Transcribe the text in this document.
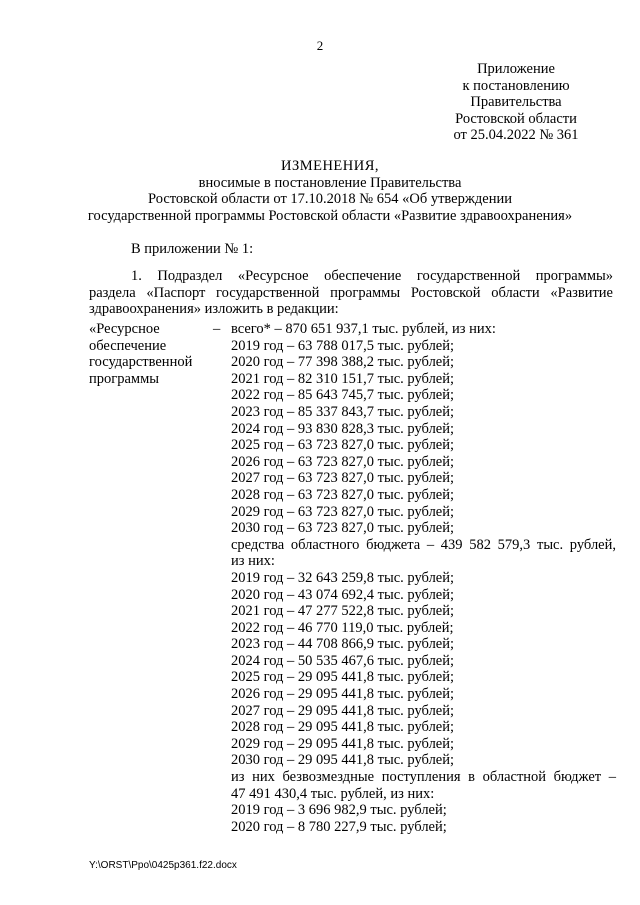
2
Приложение
к постановлению
Правительства
Ростовской области
от 25.04.2022 № 361
ИЗМЕНЕНИЯ,
вносимые в постановление Правительства
Ростовской области от 17.10.2018 № 654 «Об утверждении
государственной программы Ростовской области «Развитие здравоохранения»
В приложении № 1:
1. Подраздел «Ресурсное обеспечение государственной программы»
раздела «Паспорт государственной программы Ростовской области «Развитие
здравоохранения» изложить в редакции:
«Ресурсное
обеспечение
государственной
программы
– всего* – 870 651 937,1 тыс. рублей, из них:
2019 год – 63 788 017,5 тыс. рублей;
2020 год – 77 398 388,2 тыс. рублей;
2021 год – 82 310 151,7 тыс. рублей;
2022 год – 85 643 745,7 тыс. рублей;
2023 год – 85 337 843,7 тыс. рублей;
2024 год – 93 830 828,3 тыс. рублей;
2025 год – 63 723 827,0 тыс. рублей;
2026 год – 63 723 827,0 тыс. рублей;
2027 год – 63 723 827,0 тыс. рублей;
2028 год – 63 723 827,0 тыс. рублей;
2029 год – 63 723 827,0 тыс. рублей;
2030 год – 63 723 827,0 тыс. рублей;
средства областного бюджета – 439 582 579,3 тыс. рублей,
из них:
2019 год – 32 643 259,8 тыс. рублей;
2020 год – 43 074 692,4 тыс. рублей;
2021 год – 47 277 522,8 тыс. рублей;
2022 год – 46 770 119,0 тыс. рублей;
2023 год – 44 708 866,9 тыс. рублей;
2024 год – 50 535 467,6 тыс. рублей;
2025 год – 29 095 441,8 тыс. рублей;
2026 год – 29 095 441,8 тыс. рублей;
2027 год – 29 095 441,8 тыс. рублей;
2028 год – 29 095 441,8 тыс. рублей;
2029 год – 29 095 441,8 тыс. рублей;
2030 год – 29 095 441,8 тыс. рублей;
из них безвозмездные поступления в областной бюджет –
47 491 430,4 тыс. рублей, из них:
2019 год – 3 696 982,9 тыс. рублей;
2020 год – 8 780 227,9 тыс. рублей;
Y:\ORST\Ppo\0425p361.f22.docx
